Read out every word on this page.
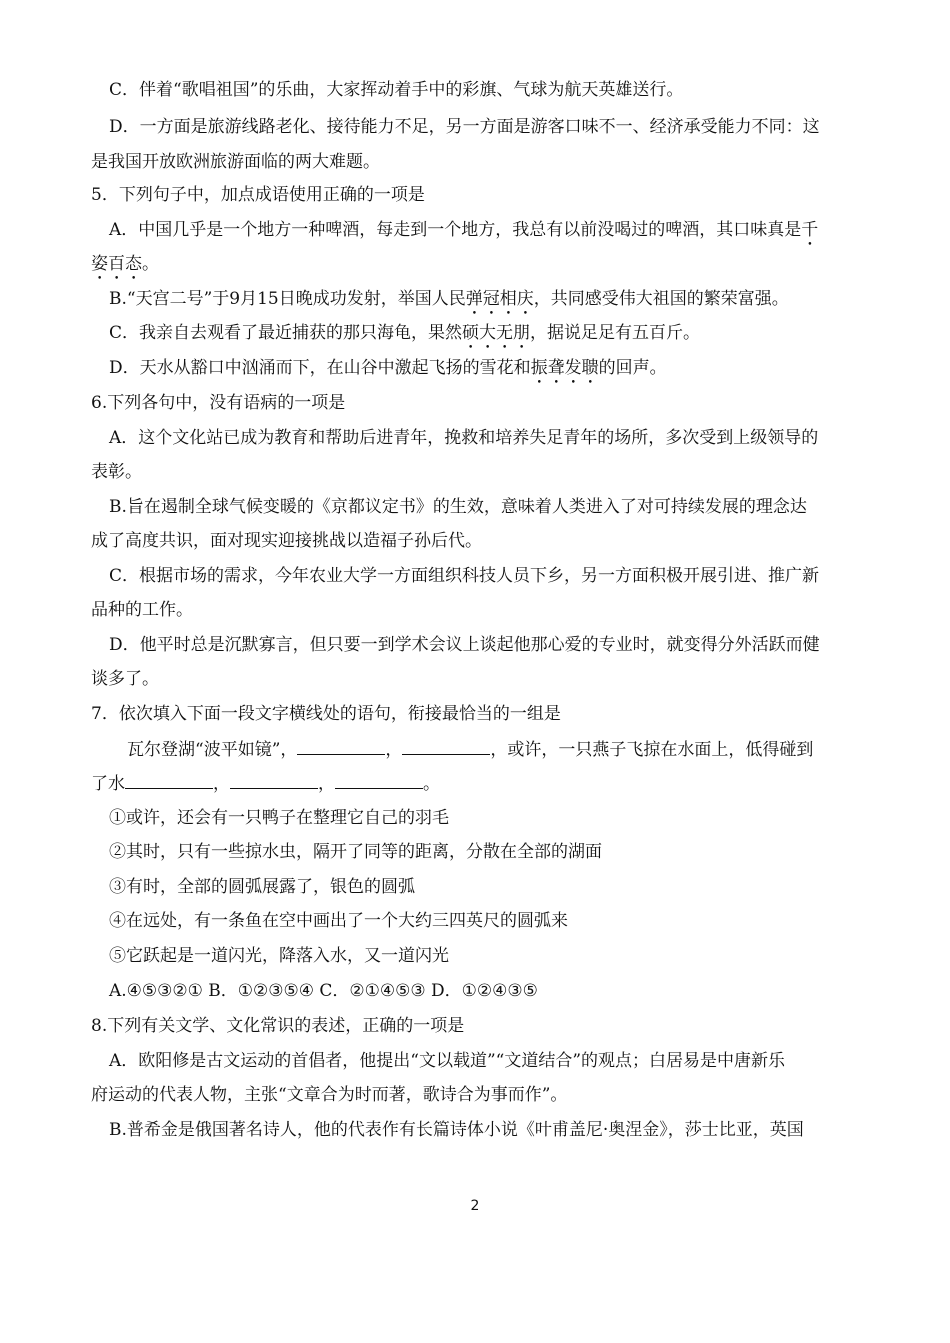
C．伴着“歌唱祖国”的乐曲，大家挥动着手中的彩旗、气球为航天英雄送行。
D．一方面是旅游线路老化、接待能力不足，另一方面是游客口味不一、经济承受能力不同：这
是我国开放欧洲旅游面临的两大难题。
5．下列句子中，加点成语使用正确的一项是
A．中国几乎是一个地方一种啤酒，每走到一个地方，我总有以前没喝过的啤酒，其口味真是千
姿百态。
B.“天宫二号”于9月15日晚成功发射，举国人民弹冠相庆，共同感受伟大祖国的繁荣富强。
C．我亲自去观看了最近捕获的那只海龟，果然硕大无朋，据说足足有五百斤。
D．天水从豁口中汹涌而下，在山谷中激起飞扬的雪花和振聋发聩的回声。
6.下列各句中，没有语病的一项是
A．这个文化站已成为教育和帮助后进青年，挽救和培养失足青年的场所，多次受到上级领导的
表彰。
B.旨在遏制全球气候变暖的《京都议定书》的生效，意味着人类进入了对可持续发展的理念达
成了高度共识，面对现实迎接挑战以造福子孙后代。
C．根据市场的需求，今年农业大学一方面组织科技人员下乡，另一方面积极开展引进、推广新
品种的工作。
D．他平时总是沉默寡言，但只要一到学术会议上谈起他那心爱的专业时，就变得分外活跃而健
谈多了。
7．依次填入下面一段文字横线处的语句，衔接最恰当的一组是
瓦尔登湖“波平如镜”，	，	，或许，一只燕子飞掠在水面上，低得碰到
了水	，	，	。
①或许，还会有一只鸭子在整理它自己的羽毛
②其时，只有一些掠水虫，隔开了同等的距离，分散在全部的湖面
③有时，全部的圆弧展露了，银色的圆弧
④在远处，有一条鱼在空中画出了一个大约三四英尺的圆弧来
⑤它跃起是一道闪光，降落入水，又一道闪光
A.④⑤③②① B．①②③⑤④ C．②①④⑤③ D．①②④③⑤
8.下列有关文学、文化常识的表述，正确的一项是
A．欧阳修是古文运动的首倡者，他提出“文以载道”“文道结合”的观点；白居易是中唐新乐
府运动的代表人物，主张“文章合为时而著，歌诗合为事而作”。
B.普希金是俄国著名诗人，他的代表作有长篇诗体小说《叶甫盖尼·奥涅金》，莎士比亚，英国
2
